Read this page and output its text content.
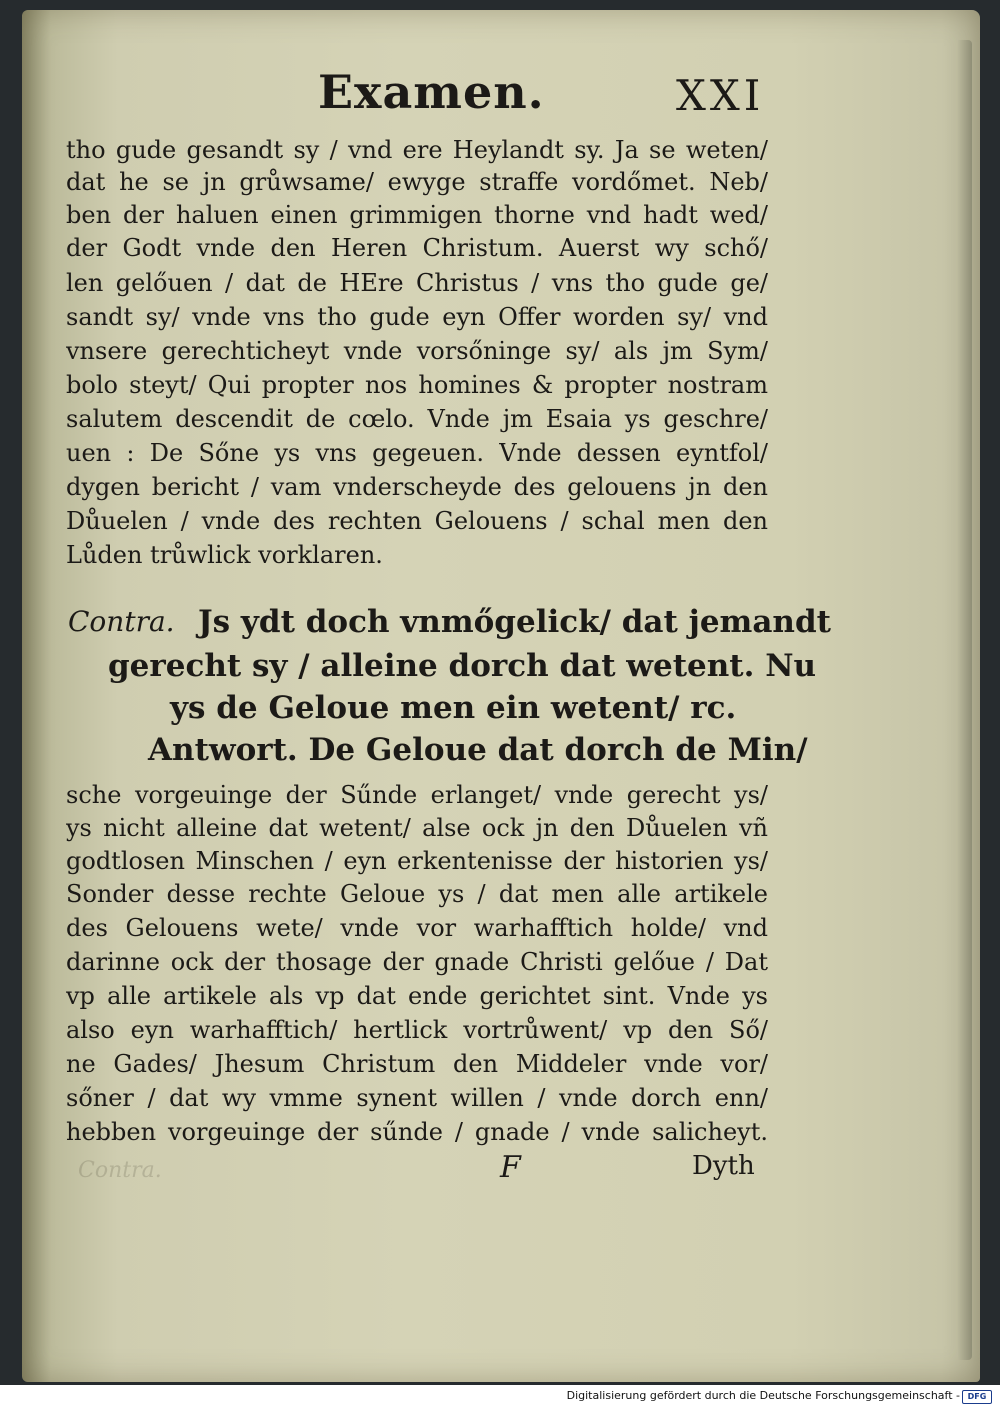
Examen.	XXI
tho gude gesandt sy / vnd ere Heylandt sy. Ja se weten/
dat he se jn grůwsame/ ewyge straffe vordőmet. Neb/
ben der haluen einen grimmigen thorne vnd hadt wed/
der Godt vnde den Heren Christum. Auerst wy schő/
len gelőuen / dat de HEre Christus / vns tho gude ge/
sandt sy/ vnde vns tho gude eyn Offer worden sy/ vnd
vnsere gerechticheyt vnde vorsőninge sy/ als jm Sym/
bolo steyt/ Qui propter nos homines & propter nostram
salutem descendit de cœlo. Vnde jm Esaia ys geschre/
uen : De Sőne ys vns gegeuen. Vnde dessen eyntfol/
dygen bericht / vam vnderscheyde des gelouens jn den
Důuelen / vnde des rechten Gelouens / schal men den
Lůden trůwlick vorklaren.
Contra. Js ydt doch vnmőgelick/ dat jemandt
gerecht sy / alleine dorch dat wetent. Nu
ys de Geloue men ein wetent/ rc.
Antwort. De Geloue dat dorch de Min/
sche vorgeuinge der Sűnde erlanget/ vnde gerecht ys/
ys nicht alleine dat wetent/ alse ock jn den Důuelen vñ
godtlosen Minschen / eyn erkentenisse der historien ys/
Sonder desse rechte Geloue ys / dat men alle artikele
des Gelouens wete/ vnde vor warhafftich holde/ vnd
darinne ock der thosage der gnade Christi gelőue / Dat
vp alle artikele als vp dat ende gerichtet sint. Vnde ys
also eyn warhafftich/ hertlick vortrůwent/ vp den Ső/
ne Gades/ Jhesum Christum den Middeler vnde vor/
sőner / dat wy vmme synent willen / vnde dorch enn/
hebben vorgeuinge der sűnde / gnade / vnde salicheyt.
Contra.	F	Dyth
Digitalisierung gefördert durch die Deutsche Forschungsgemeinschaft - DFG
